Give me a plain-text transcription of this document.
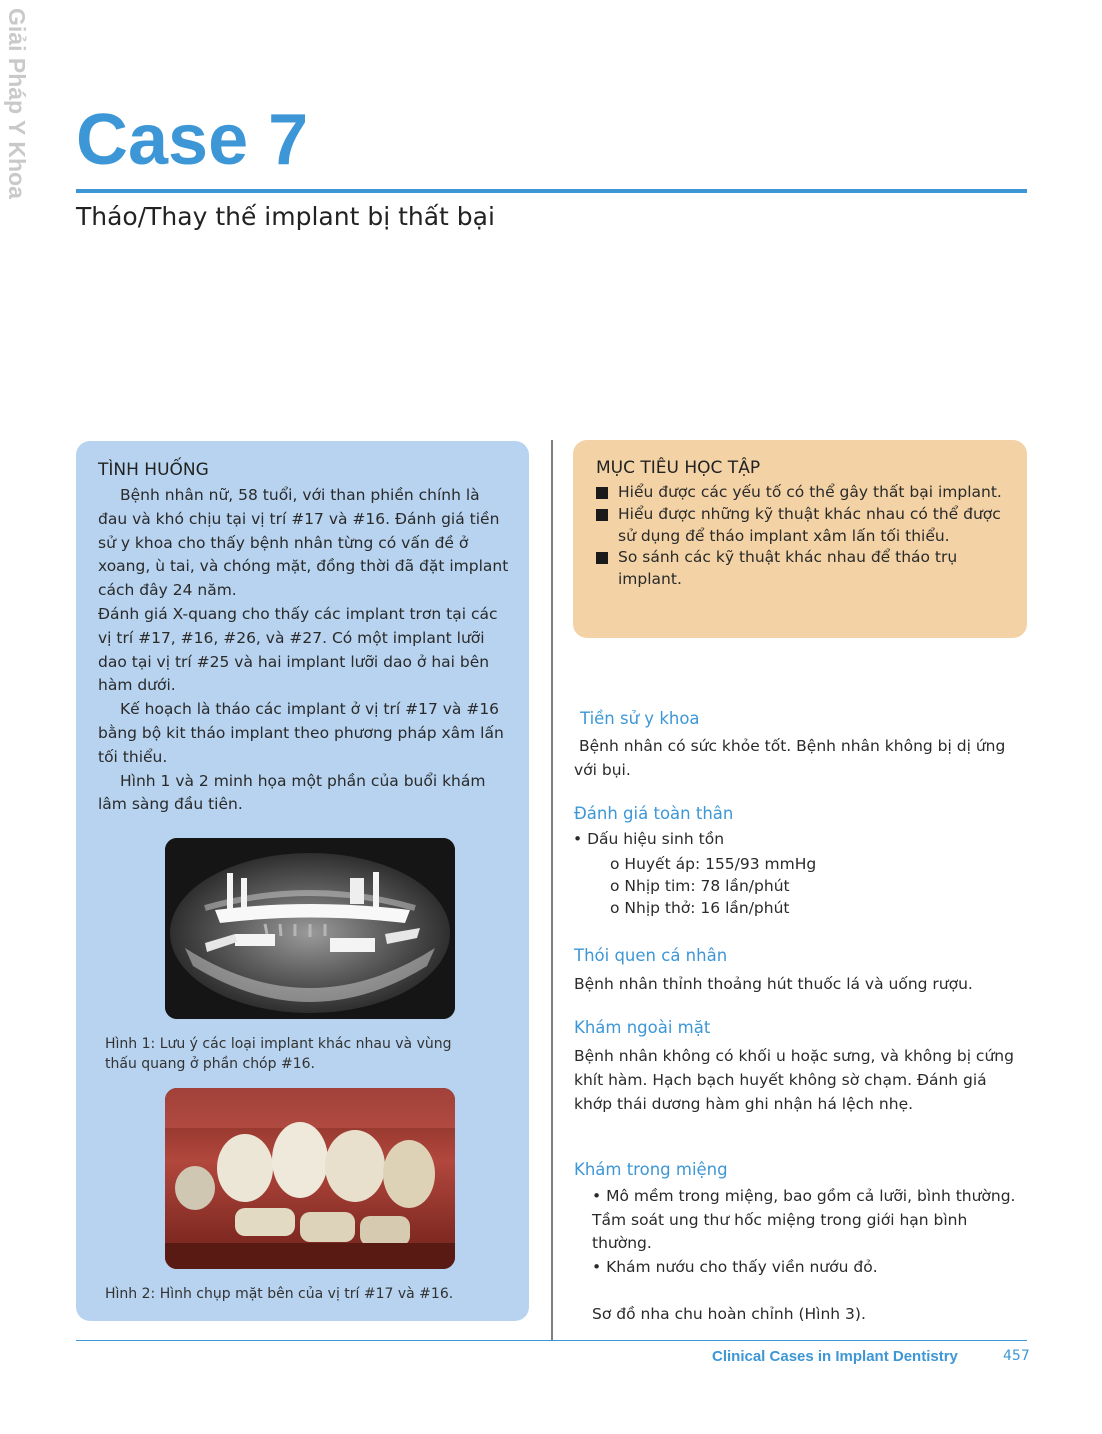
Giải Pháp Y Khoa Case 7
Tháo/Thay thế implant bị thất bại
TÌNH HUỐNG

Bệnh nhân nữ, 58 tuổi, với than phiền chính là đau và khó chịu tại vị trí #17 và #16. Đánh giá tiền sử y khoa cho thấy bệnh nhân từng có vấn đề ở xoang, ù tai, và chóng mặt, đồng thời đã đặt implant cách đây 24 năm.

Đánh giá X-quang cho thấy các implant trơn tại các vị trí #17, #16, #26, và #27. Có một implant lưỡi dao tại vị trí #25 và hai implant lưỡi dao ở hai bên hàm dưới.

Kế hoạch là tháo các implant ở vị trí #17 và #16 bằng bộ kit tháo implant theo phương pháp xâm lấn tối thiểu.

Hình 1 và 2 minh họa một phần của buổi khám lâm sàng đầu tiên.

Hình 1: Lưu ý các loại implant khác nhau và vùng thấu quang ở phần chóp #16.
Hình 2: Hình chụp mặt bên của vị trí #17 và #16.
MỤC TIÊU HỌC TẬP
Hiểu được các yếu tố có thể gây thất bại implant.
Hiểu được những kỹ thuật khác nhau có thể được sử dụng để tháo implant xâm lấn tối thiểu.
So sánh các kỹ thuật khác nhau để tháo trụ implant.
Tiền sử y khoa
Bệnh nhân có sức khỏe tốt. Bệnh nhân không bị dị ứng với bụi.
Đánh giá toàn thân
• Dấu hiệu sinh tồn
o Huyết áp: 155/93 mmHg
o Nhịp tim: 78 lần/phút
o Nhịp thở: 16 lần/phút
Thói quen cá nhân
Bệnh nhân thỉnh thoảng hút thuốc lá và uống rượu.
Khám ngoài mặt
Bệnh nhân không có khối u hoặc sưng, và không bị cứng khít hàm. Hạch bạch huyết không sờ chạm. Đánh giá khớp thái dương hàm ghi nhận há lệch nhẹ.
Khám trong miệng
• Mô mềm trong miệng, bao gồm cả lưỡi, bình thường. Tầm soát ung thư hốc miệng trong giới hạn bình thường.
• Khám nướu cho thấy viền nướu đỏ.
Sơ đồ nha chu hoàn chỉnh (Hình 3).
Clinical Cases in Implant Dentistry	457
